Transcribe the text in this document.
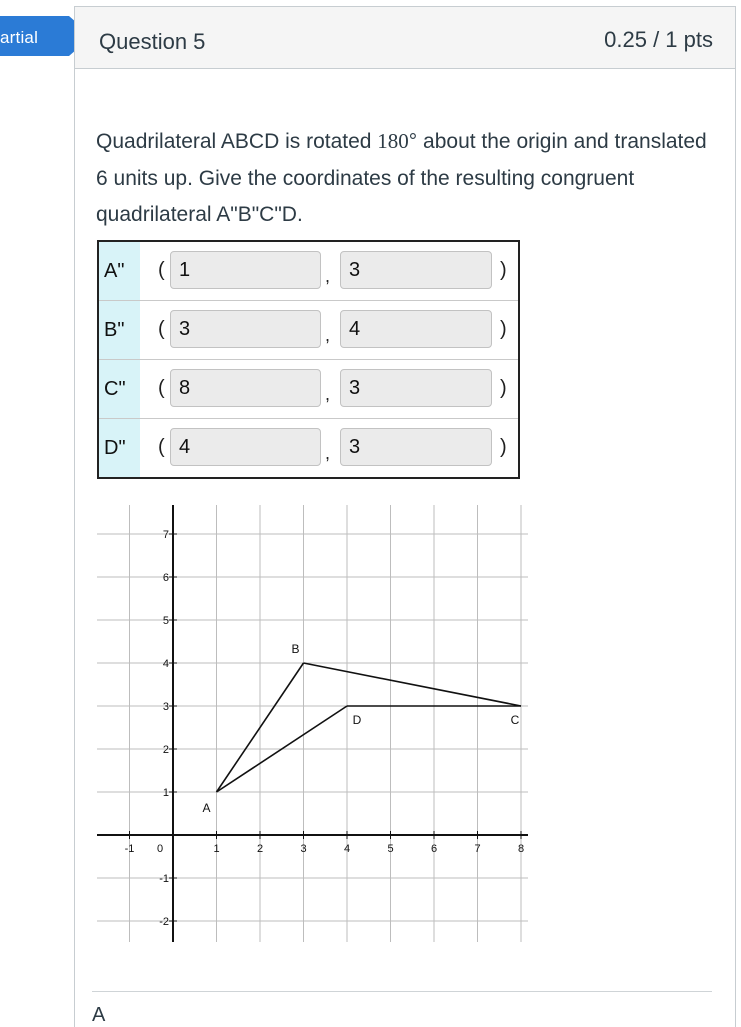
artial	Question 5	0.25 / 1 pts
Quadrilateral ABCD is rotated 180° about the origin and translated 6 units up. Give the coordinates of the resulting congruent quadrilateral A"B"C"D.
A"	( 1 , 3 )

B"	( 3 , 4 )

C"	( 8 , 3 )

D"	( 4 , 3 )
-1 0	1	2	3	4	5	6	7	8
7
6
5
4
3
2
1
-1
-2
A
B
C
D
A
